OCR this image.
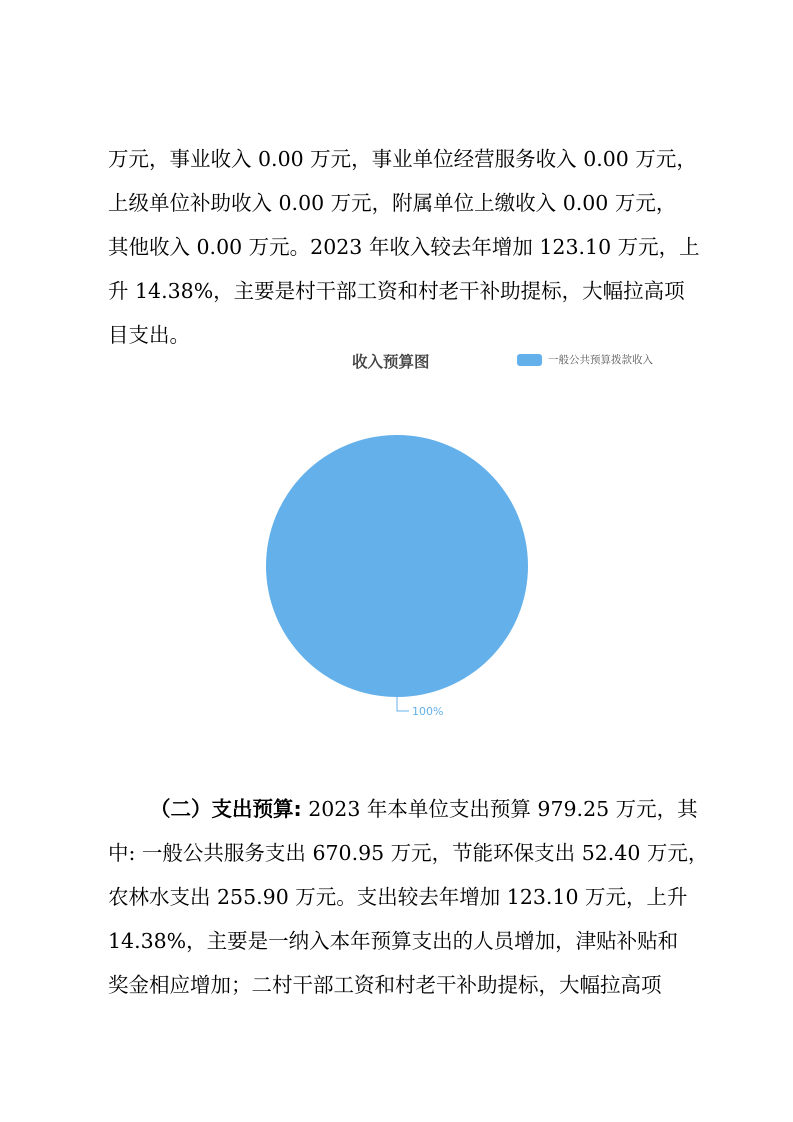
万元，事业收入 0.00 万元，事业单位经营服务收入 0.00 万元，
上级单位补助收入 0.00 万元，附属单位上缴收入 0.00 万元，
其他收入 0.00 万元。2023 年收入较去年增加 123.10 万元，上
升 14.38%，主要是村干部工资和村老干补助提标，大幅拉高项
目支出。
收入预算图	一般公共预算拨款收入
100%
（二）支出预算: 2023 年本单位支出预算 979.25 万元，其
中: 一般公共服务支出 670.95 万元，节能环保支出 52.40 万元，
农林水支出 255.90 万元。支出较去年增加 123.10 万元，上升
14.38%，主要是一纳入本年预算支出的人员增加，津贴补贴和
奖金相应增加；二村干部工资和村老干补助提标，大幅拉高项
